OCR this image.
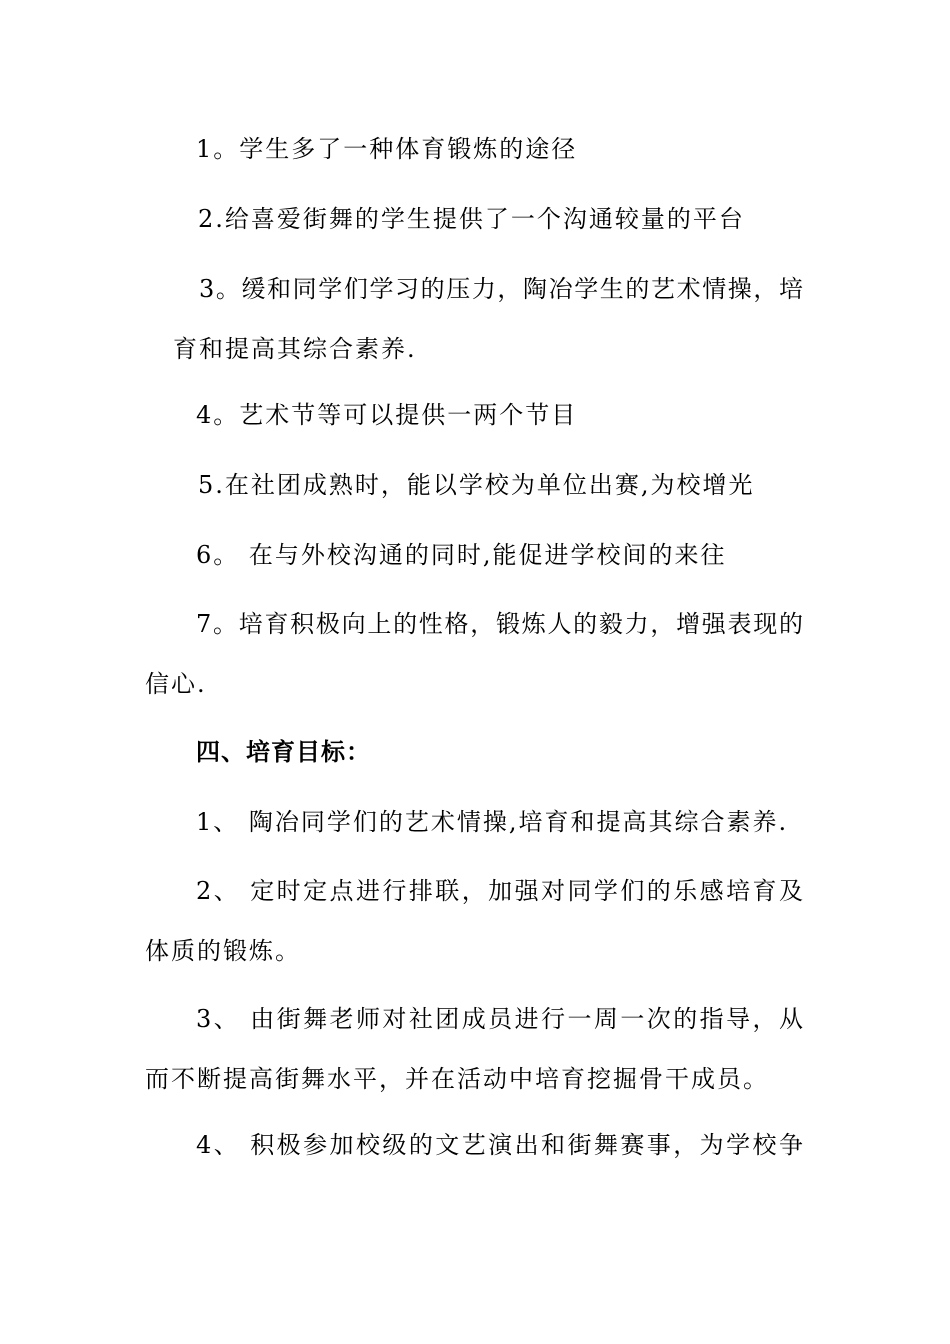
1。学生多了一种体育锻炼的途径
2.给喜爱街舞的学生提供了一个沟通较量的平台
3。缓和同学们学习的压力，陶冶学生的艺术情操，培
育和提高其综合素养.
4。艺术节等可以提供一两个节目
5.在社团成熟时，能以学校为单位出赛,为校增光
6。 在与外校沟通的同时,能促进学校间的来往
7。培育积极向上的性格，锻炼人的毅力，增强表现的
信心.
四、培育目标：
1、 陶冶同学们的艺术情操,培育和提高其综合素养.
2、 定时定点进行排联，加强对同学们的乐感培育及
体质的锻炼。
3、 由街舞老师对社团成员进行一周一次的指导，从
而不断提高街舞水平，并在活动中培育挖掘骨干成员。
4、 积极参加校级的文艺演出和街舞赛事，为学校争
